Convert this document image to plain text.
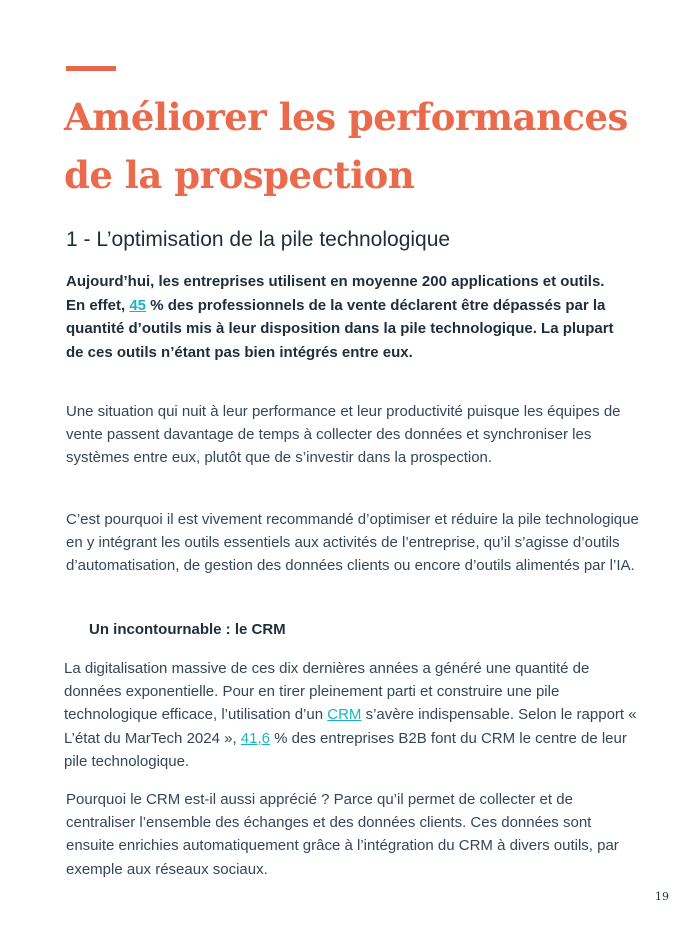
Améliorer les performances
de la prospection
1 - L’optimisation de la pile technologique

Aujourd’hui, les entreprises utilisent en moyenne 200 applications et outils. En effet, 45 % des professionnels de la vente déclarent être dépassés par la quantité d’outils mis à leur disposition dans la pile technologique. La plupart de ces outils n’étant pas bien intégrés entre eux.

Une situation qui nuit à leur performance et leur productivité puisque les équipes de vente passent davantage de temps à collecter des données et synchroniser les systèmes entre eux, plutôt que de s’investir dans la prospection.

C’est pourquoi il est vivement recommandé d’optimiser et réduire la pile technologique en y intégrant les outils essentiels aux activités de l’entreprise, qu’il s’agisse d’outils d’automatisation, de gestion des données clients ou encore d’outils alimentés par l’IA.

Un incontournable : le CRM

La digitalisation massive de ces dix dernières années a généré une quantité de données exponentielle. Pour en tirer pleinement parti et construire une pile technologique efficace, l’utilisation d’un CRM s’avère indispensable. Selon le rapport « L’état du MarTech 2024 », 41,6 % des entreprises B2B font du CRM le centre de leur pile technologique.

Pourquoi le CRM est-il aussi apprécié ? Parce qu’il permet de collecter et de centraliser l’ensemble des échanges et des données clients. Ces données sont ensuite enrichies automatiquement grâce à l’intégration du CRM à divers outils, par exemple aux réseaux sociaux.

19
